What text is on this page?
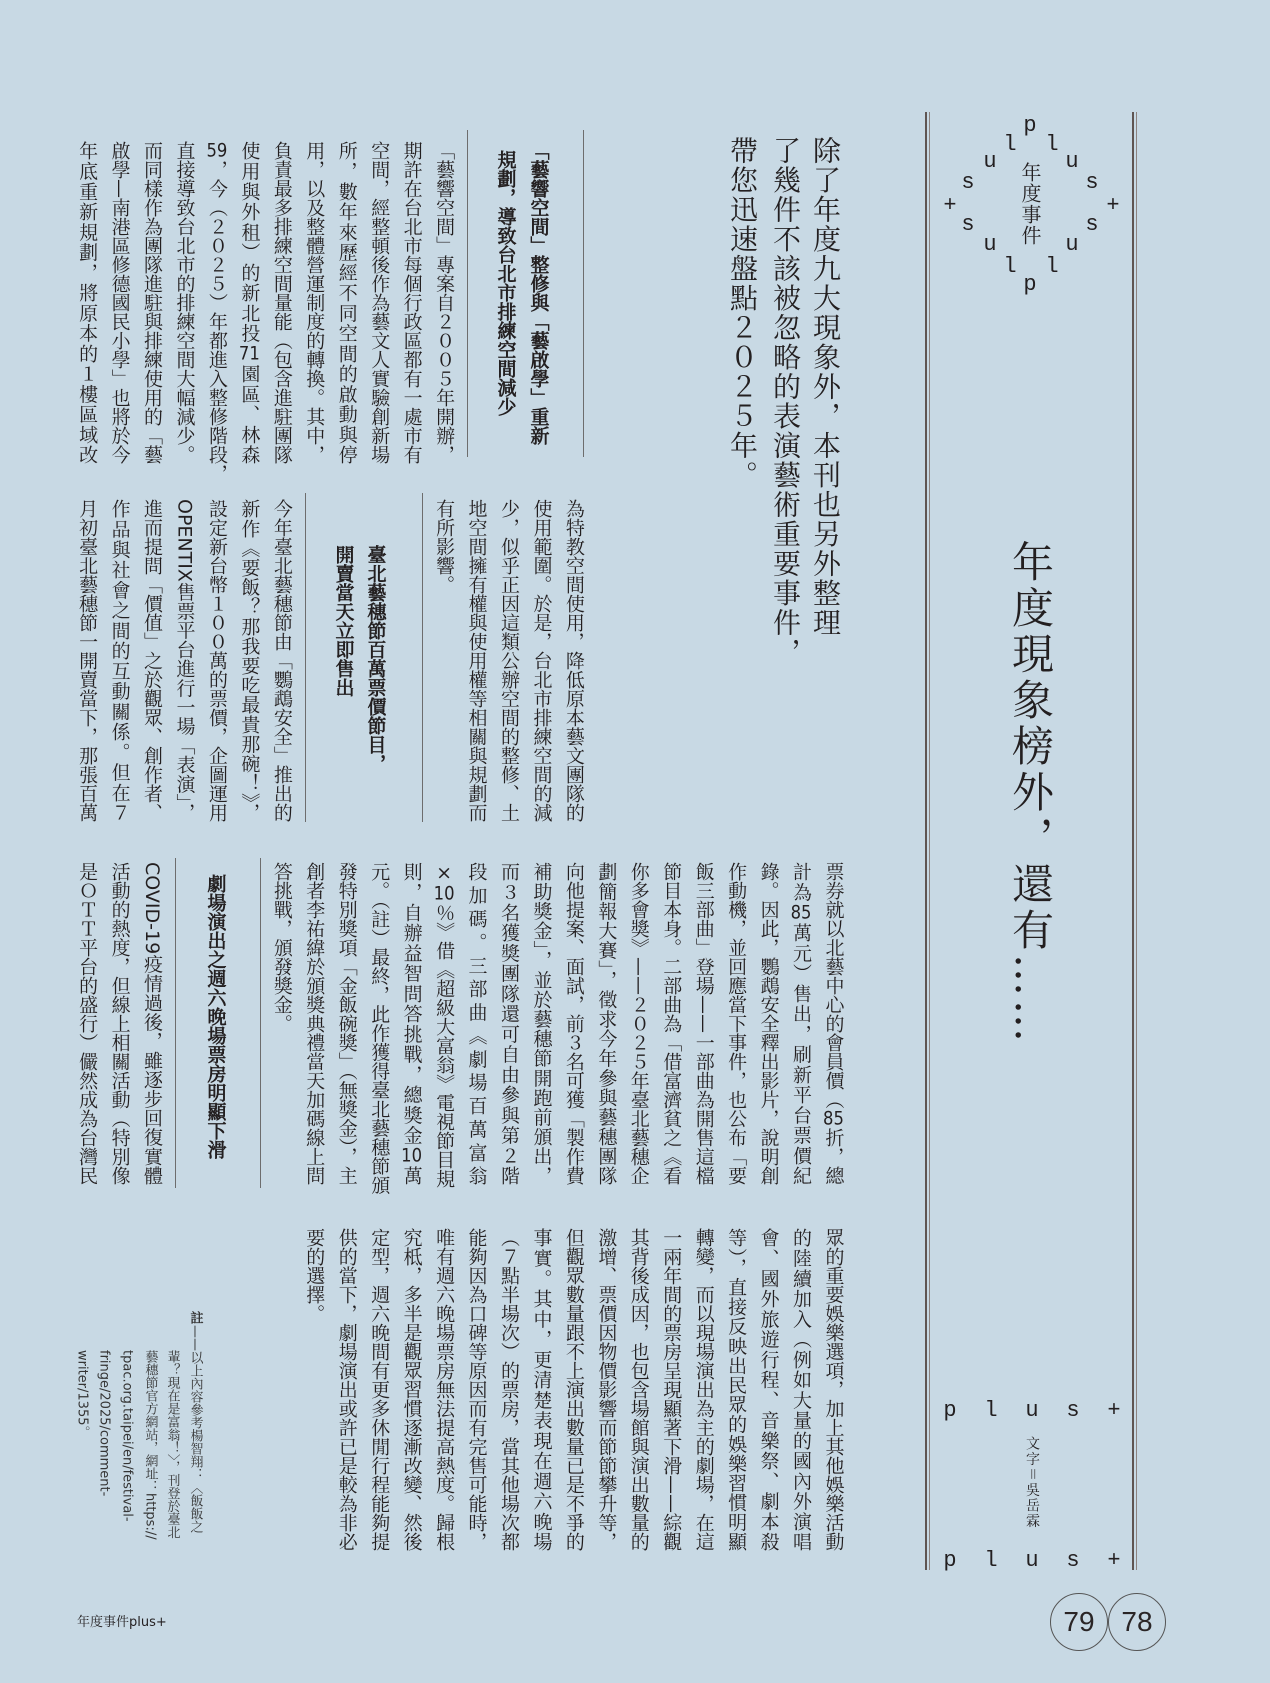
p
l l
u	u
s	s
+	+
s	s
u	u
l l
p
年度事件
年度現象榜外，還有……
p	l	u	s	+
文字＝吳岳霖
p	l	u	s	+
除了年度九大現象外，本刊也另外整理
了幾件不該被忽略的表演藝術重要事件，
帶您迅速盤點２０２５年。
「藝響空間」整修與「藝啟學」重新
規劃，導致台北市排練空間減少
「藝響空間」專案自２００５年開辦，
期許在台北市每個行政區都有一處市有
空間，經整頓後作為藝文人實驗創新場
所，數年來歷經不同空間的啟動與停
用，以及整體營運制度的轉換。其中，
負責最多排練空間量能（包含進駐團隊
使用與外租）的新北投71園區、林森
59，今（２０２５）年都進入整修階段，
直接導致台北市的排練空間大幅減少。
而同樣作為團隊進駐與排練使用的「藝
啟學—南港區修德國民小學」也將於今
年底重新規劃，將原本的１樓區域改
為特教空間使用，降低原本藝文團隊的
使用範圍。於是，台北市排練空間的減
少，似乎正因這類公辦空間的整修、土
地空間擁有權與使用權等相關與規劃而
有所影響。
臺北藝穗節百萬票價節目，
開賣當天立即售出
今年臺北藝穗節由「鸚鵡安全」推出的
新作《要飯？那我要吃最貴那碗！》，
設定新台幣１００萬的票價，企圖運用
OPENTIX售票平台進行一場「表演」，
進而提問「價值」之於觀眾、創作者、
作品與社會之間的互動關係。但在７
月初臺北藝穗節一開賣當下，那張百萬
票券就以北藝中心的會員價（85折，總
計為85萬元）售出，刷新平台票價紀
錄。因此，鸚鵡安全釋出影片，說明創
作動機，並回應當下事件，也公布「要
飯三部曲」登場——一部曲為開售這檔
節目本身。二部曲為「借富濟貧之《看
你多會獎》——２０２５年臺北藝穗企
劃簡報大賽」，徵求今年參與藝穗團隊
向他提案、面試，前３名可獲「製作費
補助獎金」，並於藝穗節開跑前頒出，
而３名獲獎團隊還可自由參與第２階
段加碼。三部曲《劇場百萬富翁
×10％》借《超級大富翁》電視節目規
則，自辦益智問答挑戰，總獎金10萬
元。（註）最終，此作獲得臺北藝穗節頒
發特別獎項「金飯碗獎」（無獎金），主
創者李祐緯於頒獎典禮當天加碼線上問
答挑戰，頒發獎金。
劇場演出之週六晚場票房明顯下滑
COVID-19疫情過後，雖逐步回復實體
活動的熱度，但線上相關活動（特別像
是ＯＴＴ平台的盛行）儼然成為台灣民
眾的重要娛樂選項，加上其他娛樂活動
的陸續加入（例如大量的國內外演唱
會、國外旅遊行程、音樂祭、劇本殺
等），直接反映出民眾的娛樂習慣明顯
轉變，而以現場演出為主的劇場，在這
一兩年間的票房呈現顯著下滑——綜觀
其背後成因，也包含場館與演出數量的
激增、票價因物價影響而節節攀升等，
但觀眾數量跟不上演出數量已是不爭的
事實。其中，更清楚表現在週六晚場
（７點半場次）的票房，當其他場次都
能夠因為口碑等原因而有完售可能時，
唯有週六晚場票房無法提高熱度。歸根
究柢，多半是觀眾習慣逐漸改變、然後
定型，週六晚間有更多休閒行程能夠提
供的當下，劇場演出或許已是較為非必
要的選擇。
註
——以上內容參考楊智翔：〈飯飯之
輩？現在是富翁！〉，刊登於臺北
藝穗節官方網站，網址：https://
tpac.org.taipei/en/festival-
fringe/2025/comment-
writer/1355。
年度事件plus+	79 78
